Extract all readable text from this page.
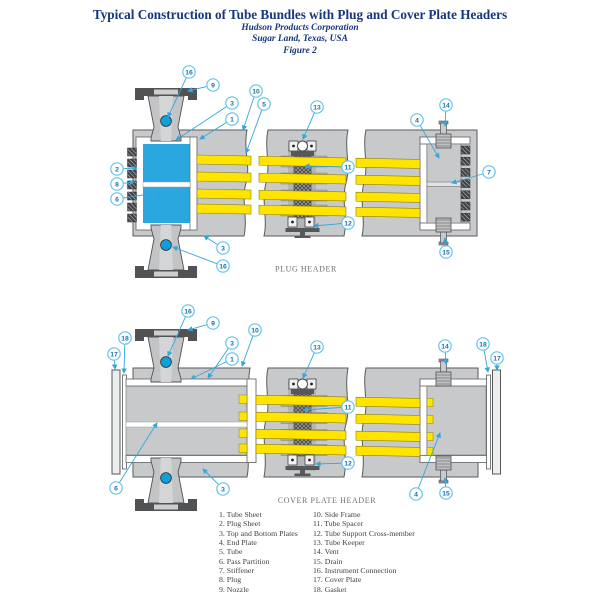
Typical Construction of Tube Bundles with Plug and Cover Plate Headers
Hudson Products Corporation
Sugar Land, Texas, USA
Figure 2
PLUG HEADER
16
9
3
10
5
1
2
8
6
13
11
12
4
14
7
15
3
16
COVER PLATE HEADER
16
9
18
17
3
1
10
13
11
12
14	18
17
4	15
6	3
1. Tube Sheet
2. Plug Sheet
3. Top and Bottom Plates
4. End Plate
5. Tube
6. Pass Partition
7. Stiffener
8. Plug
9. Nozzle
10. Side Frame
11. Tube Spacer
12. Tube Support Cross-member
13. Tube Keeper
14. Vent
15. Drain
16. Instrument Connection
17. Cover Plate
18. Gasket
